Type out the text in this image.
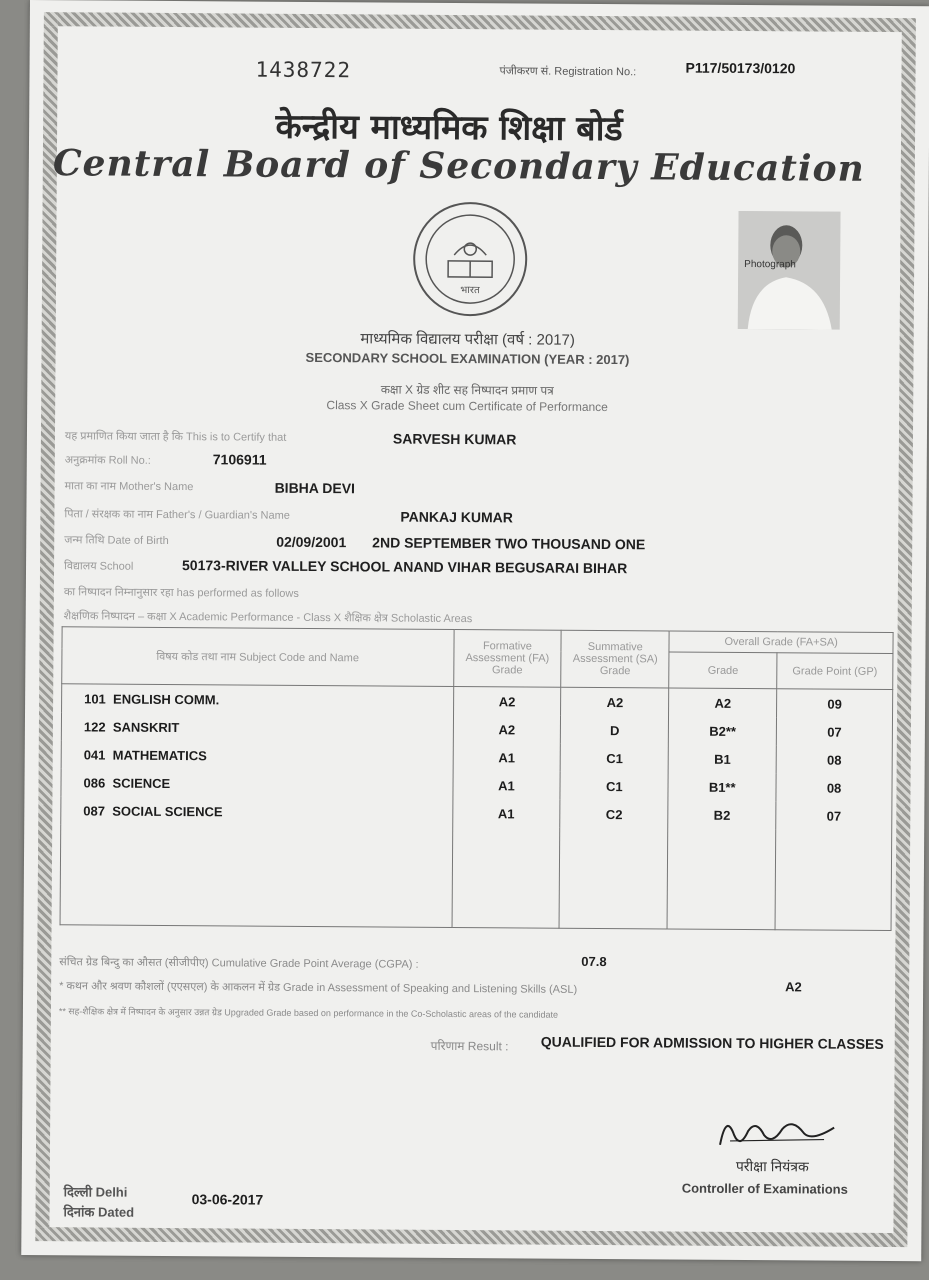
1438722	पंजीकरण सं. Registration No.:	P117/50173/0120
केन्द्रीय माध्यमिक शिक्षा बोर्ड
Central Board of Secondary Education
भारत
Photograph
माध्यमिक विद्यालय परीक्षा (वर्ष : 2017)
SECONDARY SCHOOL EXAMINATION (YEAR : 2017)
कक्षा X ग्रेड शीट सह निष्पादन प्रमाण पत्र
Class X Grade Sheet cum Certificate of Performance
यह प्रमाणित किया जाता है कि This is to Certify that	SARVESH KUMAR
अनुक्रमांक Roll No.:	7106911
माता का नाम Mother's Name	BIBHA DEVI
पिता / संरक्षक का नाम Father's / Guardian's Name	PANKAJ KUMAR
जन्म तिथि Date of Birth	02/09/2001 2ND SEPTEMBER TWO THOUSAND ONE
विद्यालय School	50173-RIVER VALLEY SCHOOL ANAND VIHAR BEGUSARAI BIHAR
का निष्पादन निम्नानुसार रहा has performed as follows
शैक्षणिक निष्पादन – कक्षा X Academic Performance - Class X शैक्षिक क्षेत्र Scholastic Areas
विषय कोड तथा नाम Subject Code and Name	Formative Assessment (FA) Grade	Summative Assessment (SA) Grade	Overall Grade (FA+SA)	
			Grade	Grade Point (GP)
101 ENGLISH COMM.	A2	A2	A2	09
122 SANSKRIT	A2	D	B2**	07
041 MATHEMATICS	A1	C1	B1	08
086 SCIENCE	A1	C1	B1**	08
087 SOCIAL SCIENCE	A1	C2	B2	07

संचित ग्रेड बिन्दु का औसत (सीजीपीए) Cumulative Grade Point Average (CGPA) :	07.8
* कथन और श्रवण कौशलों (एएसएल) के आकलन में ग्रेड Grade in Assessment of Speaking and Listening Skills (ASL)	A2
** सह-शैक्षिक क्षेत्र में निष्पादन के अनुसार उन्नत ग्रेड Upgraded Grade based on performance in the Co-Scholastic areas of the candidate
परिणाम Result : QUALIFIED FOR ADMISSION TO HIGHER CLASSES
परीक्षा नियंत्रक
Controller of Examinations
दिल्ली Delhi
दिनांक Dated
03-06-2017
